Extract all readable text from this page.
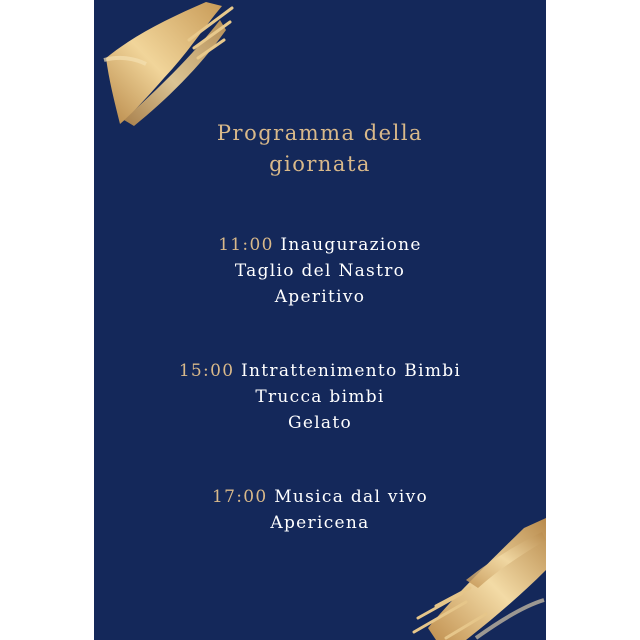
Programma della
giornata
11:00 Inaugurazione
Taglio del Nastro
Aperitivo
15:00 Intrattenimento Bimbi
Trucca bimbi
Gelato
17:00 Musica dal vivo
Apericena
